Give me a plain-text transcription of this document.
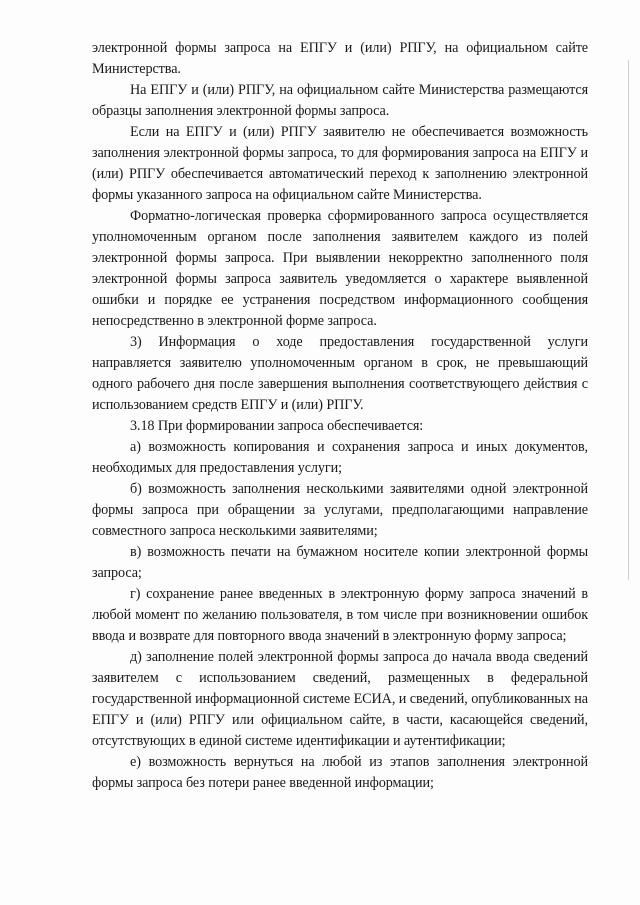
электронной формы запроса на ЕПГУ и (или) РПГУ, на официальном сайте Министерства.

На ЕПГУ и (или) РПГУ, на официальном сайте Министерства размещаются образцы заполнения электронной формы запроса.

Если на ЕПГУ и (или) РПГУ заявителю не обеспечивается возможность заполнения электронной формы запроса, то для формирования запроса на ЕПГУ и (или) РПГУ обеспечивается автоматический переход к заполнению электронной формы указанного запроса на официальном сайте Министерства.

Форматно-логическая проверка сформированного запроса осуществляется уполномоченным органом после заполнения заявителем каждого из полей электронной формы запроса. При выявлении некорректно заполненного поля электронной формы запроса заявитель уведомляется о характере выявленной ошибки и порядке ее устранения посредством информационного сообщения непосредственно в электронной форме запроса.

3) Информация о ходе предоставления государственной услуги направляется заявителю уполномоченным органом в срок, не превышающий одного рабочего дня после завершения выполнения соответствующего действия с использованием средств ЕПГУ и (или) РПГУ.

3.18 При формировании запроса обеспечивается:

а) возможность копирования и сохранения запроса и иных документов, необходимых для предоставления услуги;

б) возможность заполнения несколькими заявителями одной электронной формы запроса при обращении за услугами, предполагающими направление совместного запроса несколькими заявителями;

в) возможность печати на бумажном носителе копии электронной формы запроса;

г) сохранение ранее введенных в электронную форму запроса значений в любой момент по желанию пользователя, в том числе при возникновении ошибок ввода и возврате для повторного ввода значений в электронную форму запроса;

д) заполнение полей электронной формы запроса до начала ввода сведений заявителем с использованием сведений, размещенных в федеральной государственной информационной системе ЕСИА, и сведений, опубликованных на ЕПГУ и (или) РПГУ или официальном сайте, в части, касающейся сведений, отсутствующих в единой системе идентификации и аутентификации;

е) возможность вернуться на любой из этапов заполнения электронной формы запроса без потери ранее введенной информации;
